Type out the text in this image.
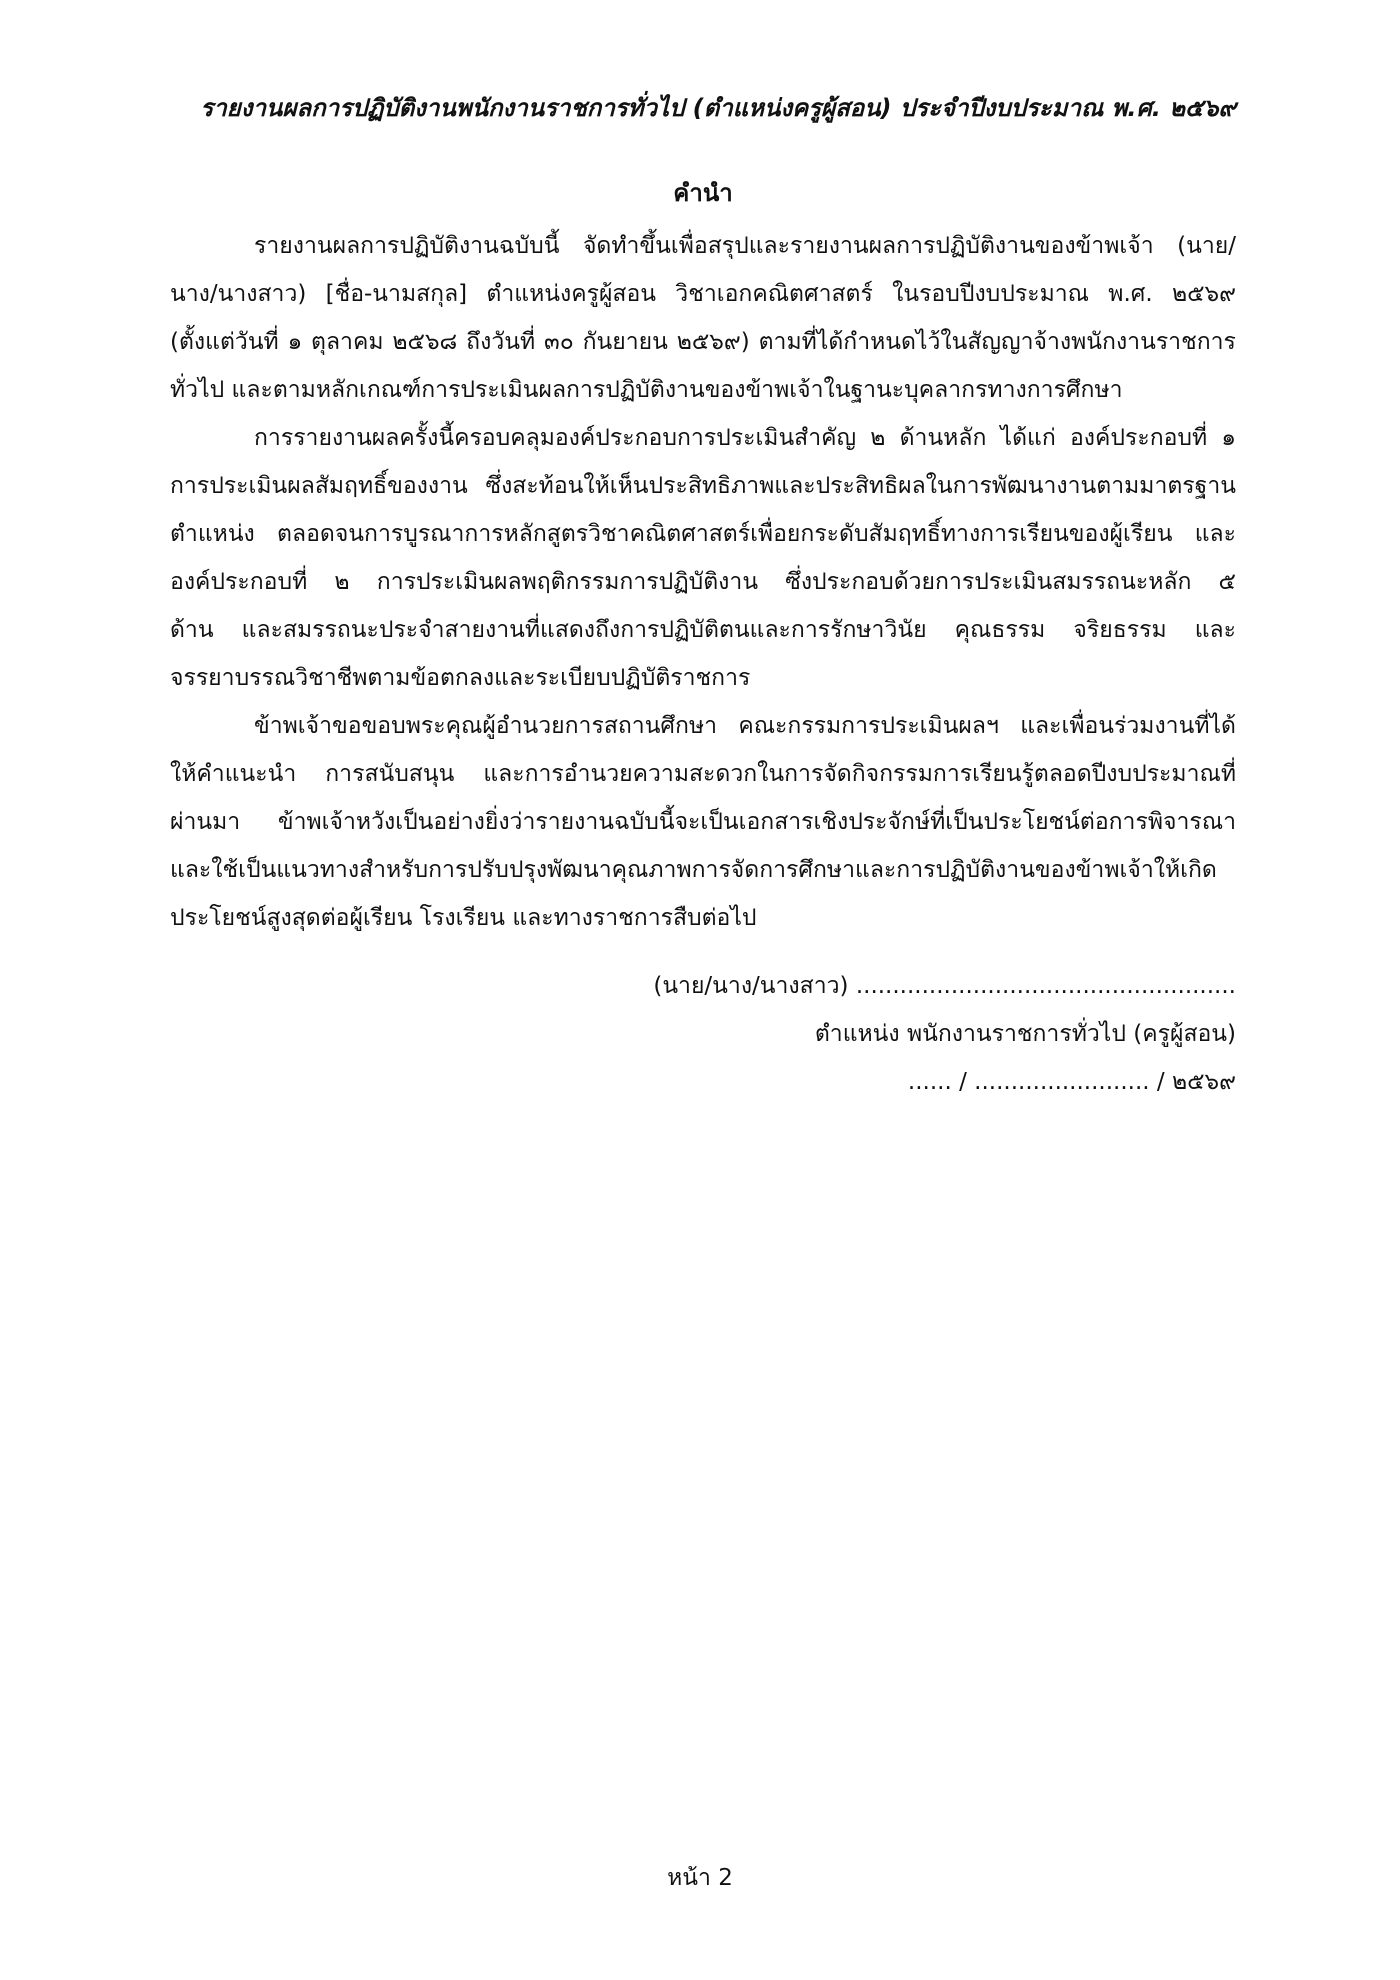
รายงานผลการปฏิบัติงานพนักงานราชการทั่วไป (ตำแหน่งครูผู้สอน) ประจำปีงบประมาณ พ.ศ. ๒๕๖๙
คำนำ
รายงานผลการปฏิบัติงานฉบับนี้ จัดทำขึ้นเพื่อสรุปและรายงานผลการปฏิบัติงานของข้าพเจ้า (นาย/
นาง/นางสาว) [ชื่อ-นามสกุล] ตำแหน่งครูผู้สอน วิชาเอกคณิตศาสตร์ ในรอบปีงบประมาณ พ.ศ. ๒๕๖๙
(ตั้งแต่วันที่ ๑ ตุลาคม ๒๕๖๘ ถึงวันที่ ๓๐ กันยายน ๒๕๖๙) ตามที่ได้กำหนดไว้ในสัญญาจ้างพนักงานราชการ
ทั่วไป และตามหลักเกณฑ์การประเมินผลการปฏิบัติงานของข้าพเจ้าในฐานะบุคลากรทางการศึกษา
การรายงานผลครั้งนี้ครอบคลุมองค์ประกอบการประเมินสำคัญ ๒ ด้านหลัก ได้แก่ องค์ประกอบที่ ๑
การประเมินผลสัมฤทธิ์ของงาน ซึ่งสะท้อนให้เห็นประสิทธิภาพและประสิทธิผลในการพัฒนางานตามมาตรฐาน
ตำแหน่ง ตลอดจนการบูรณาการหลักสูตรวิชาคณิตศาสตร์เพื่อยกระดับสัมฤทธิ์ทางการเรียนของผู้เรียน และ
องค์ประกอบที่ ๒ การประเมินผลพฤติกรรมการปฏิบัติงาน ซึ่งประกอบด้วยการประเมินสมรรถนะหลัก ๕
ด้าน และสมรรถนะประจำสายงานที่แสดงถึงการปฏิบัติตนและการรักษาวินัย คุณธรรม จริยธรรม และ
จรรยาบรรณวิชาชีพตามข้อตกลงและระเบียบปฏิบัติราชการ
ข้าพเจ้าขอขอบพระคุณผู้อำนวยการสถานศึกษา คณะกรรมการประเมินผลฯ และเพื่อนร่วมงานที่ได้
ให้คำแนะนำ การสนับสนุน และการอำนวยความสะดวกในการจัดกิจกรรมการเรียนรู้ตลอดปีงบประมาณที่
ผ่านมา ข้าพเจ้าหวังเป็นอย่างยิ่งว่ารายงานฉบับนี้จะเป็นเอกสารเชิงประจักษ์ที่เป็นประโยชน์ต่อการพิจารณา
และใช้เป็นแนวทางสำหรับการปรับปรุงพัฒนาคุณภาพการจัดการศึกษาและการปฏิบัติงานของข้าพเจ้าให้เกิด
ประโยชน์สูงสุดต่อผู้เรียน โรงเรียน และทางราชการสืบต่อไป
(นาย/นาง/นางสาว) ....................................................
ตำแหน่ง พนักงานราชการทั่วไป (ครูผู้สอน)
...... / ........................ / ๒๕๖๙
หน้า 2
